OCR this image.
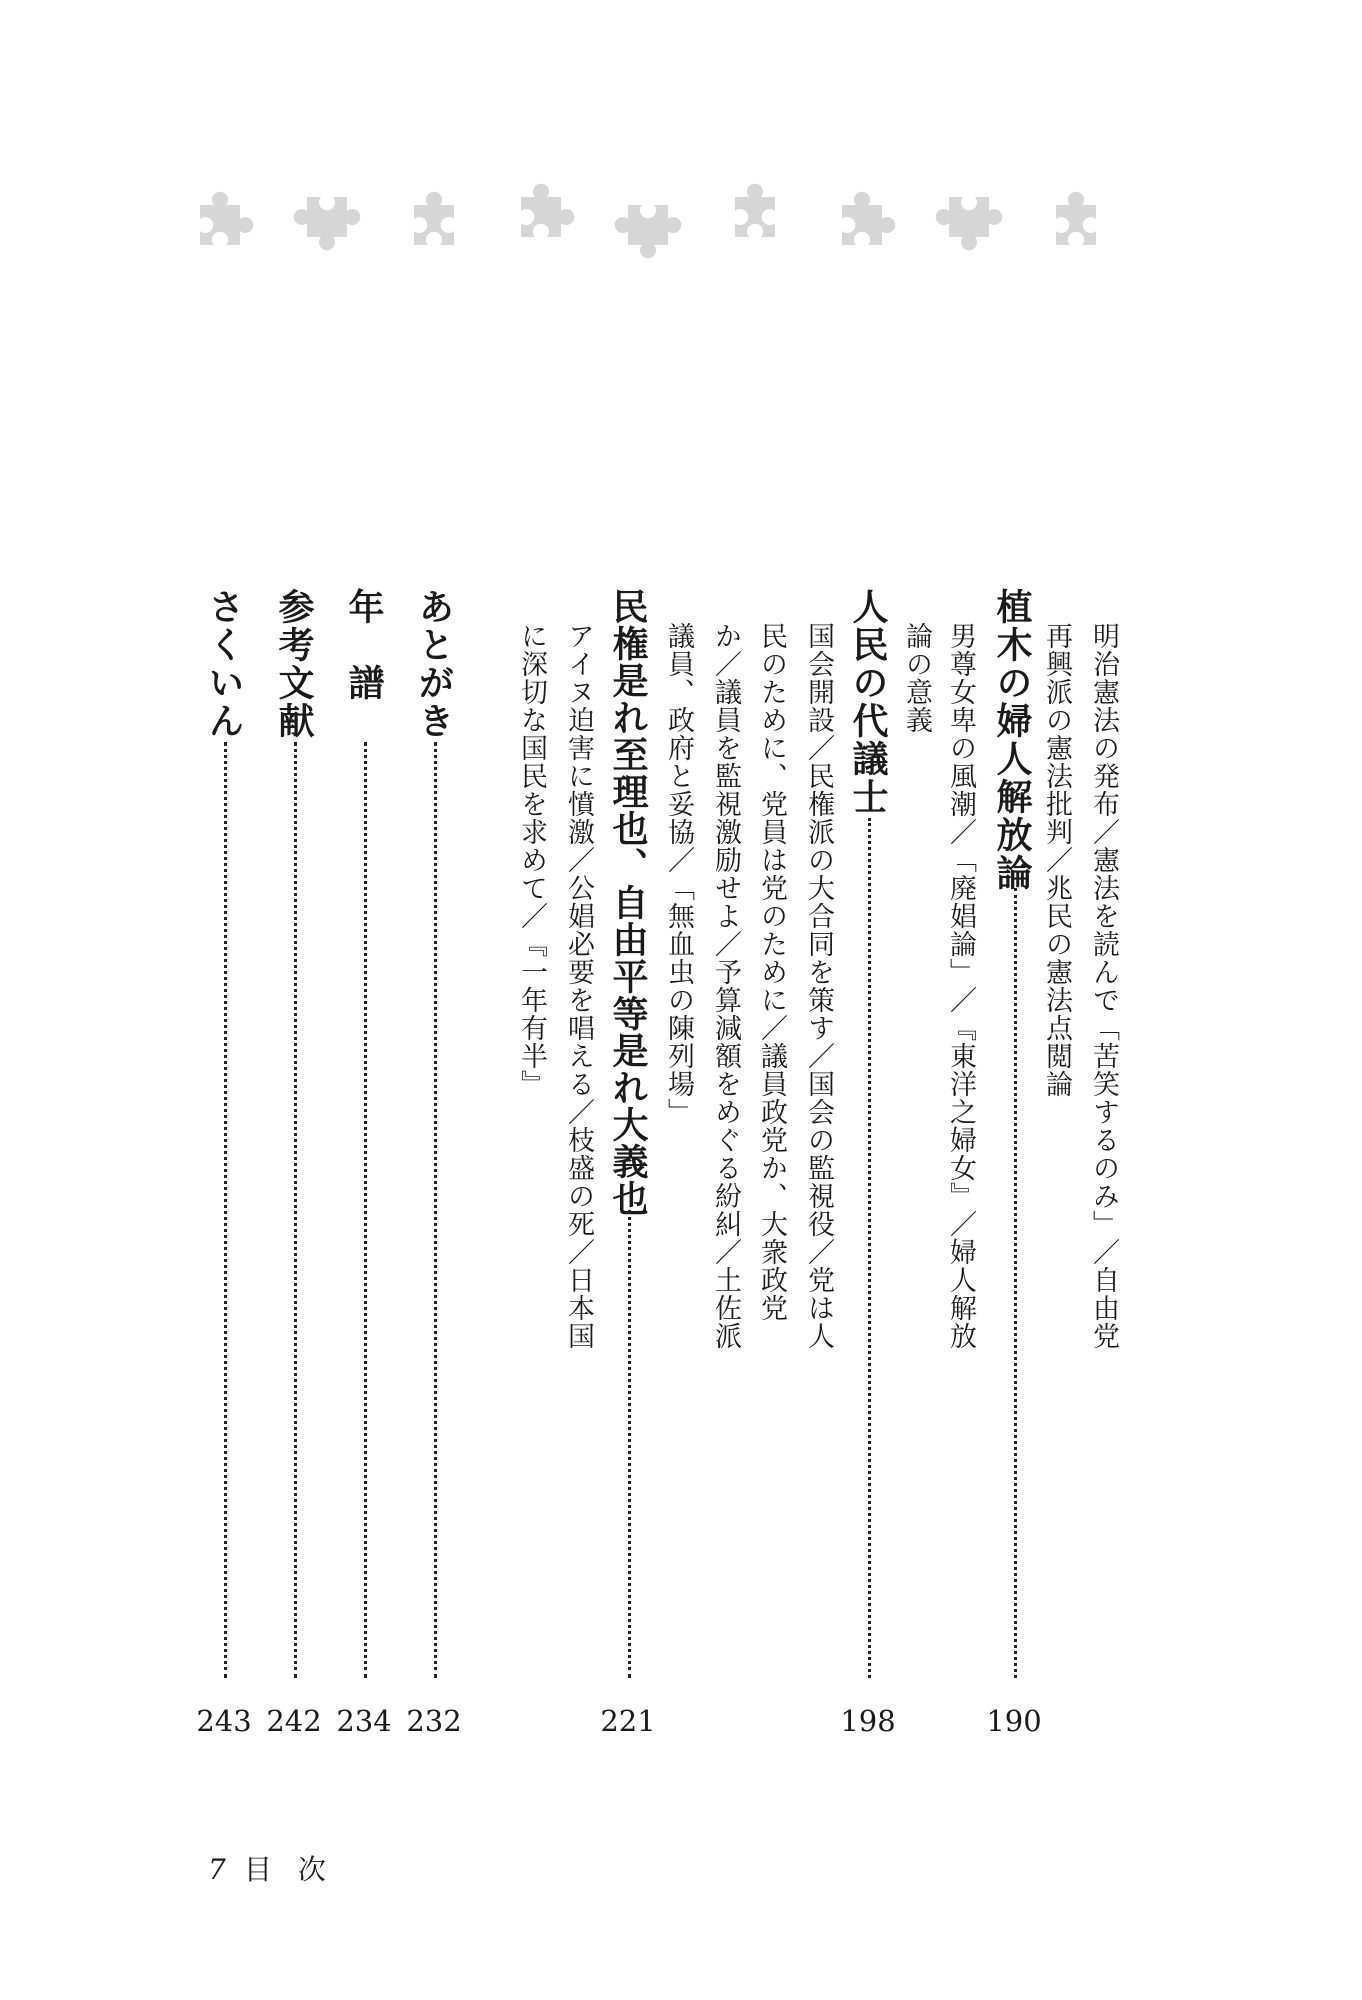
明治憲法の発布／憲法を読んで「苦笑するのみ」／自由党
再興派の憲法批判／兆民の憲法点閲論
植木の婦人解放論
190
男尊女卑の風潮／「廃娼論」／『東洋之婦女』／婦人解放
論の意義
人民の代議士
198
国会開設／民権派の大合同を策す／国会の監視役／党は人
民のために、党員は党のために／議員政党か、大衆政党
か／議員を監視激励せよ／予算減額をめぐる紛糾／土佐派
議員、政府と妥協／「無血虫の陳列場」
民権是れ至理也、自由平等是れ大義也
221
アイヌ迫害に憤激／公娼必要を唱える／枝盛の死／日本国
に深切な国民を求めて／『一年有半』
あとがき
232
年　譜
234
参考文献
242
さくいん
243
7 目次
